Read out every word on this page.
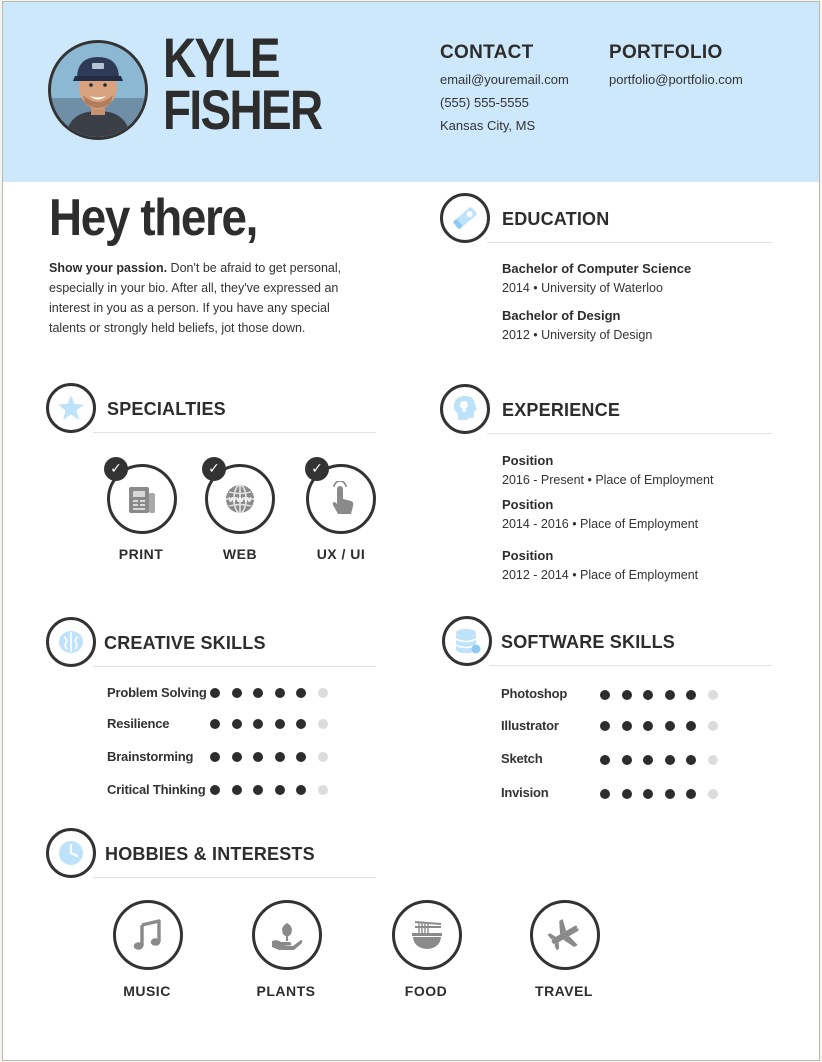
KYLE
FISHER
CONTACT
email@youremail.com
(555) 555-5555
Kansas City, MS
PORTFOLIO
portfolio@portfolio.com
Hey there,
Show your passion. Don't be afraid to get personal, especially in your bio. After all, they've expressed an interest in you as a person. If you have any special talents or strongly held beliefs, jot those down.
EDUCATION
Bachelor of Computer Science
2014 • University of Waterloo
Bachelor of Design
2012 • University of Design
SPECIALTIES
✓
PRINT
WWW
✓
WEB
✓
UX / UI
EXPERIENCE
Position
2016 - Present • Place of Employment
Position
2014 - 2016 • Place of Employment
Position
2012 - 2014 • Place of Employment
CREATIVE SKILLS
Problem Solving
Resilience
Brainstorming
Critical Thinking
SOFTWARE SKILLS
Photoshop
Illustrator
Sketch
Invision
HOBBIES & INTERESTS
MUSIC	PLANTS	FOOD	TRAVEL
